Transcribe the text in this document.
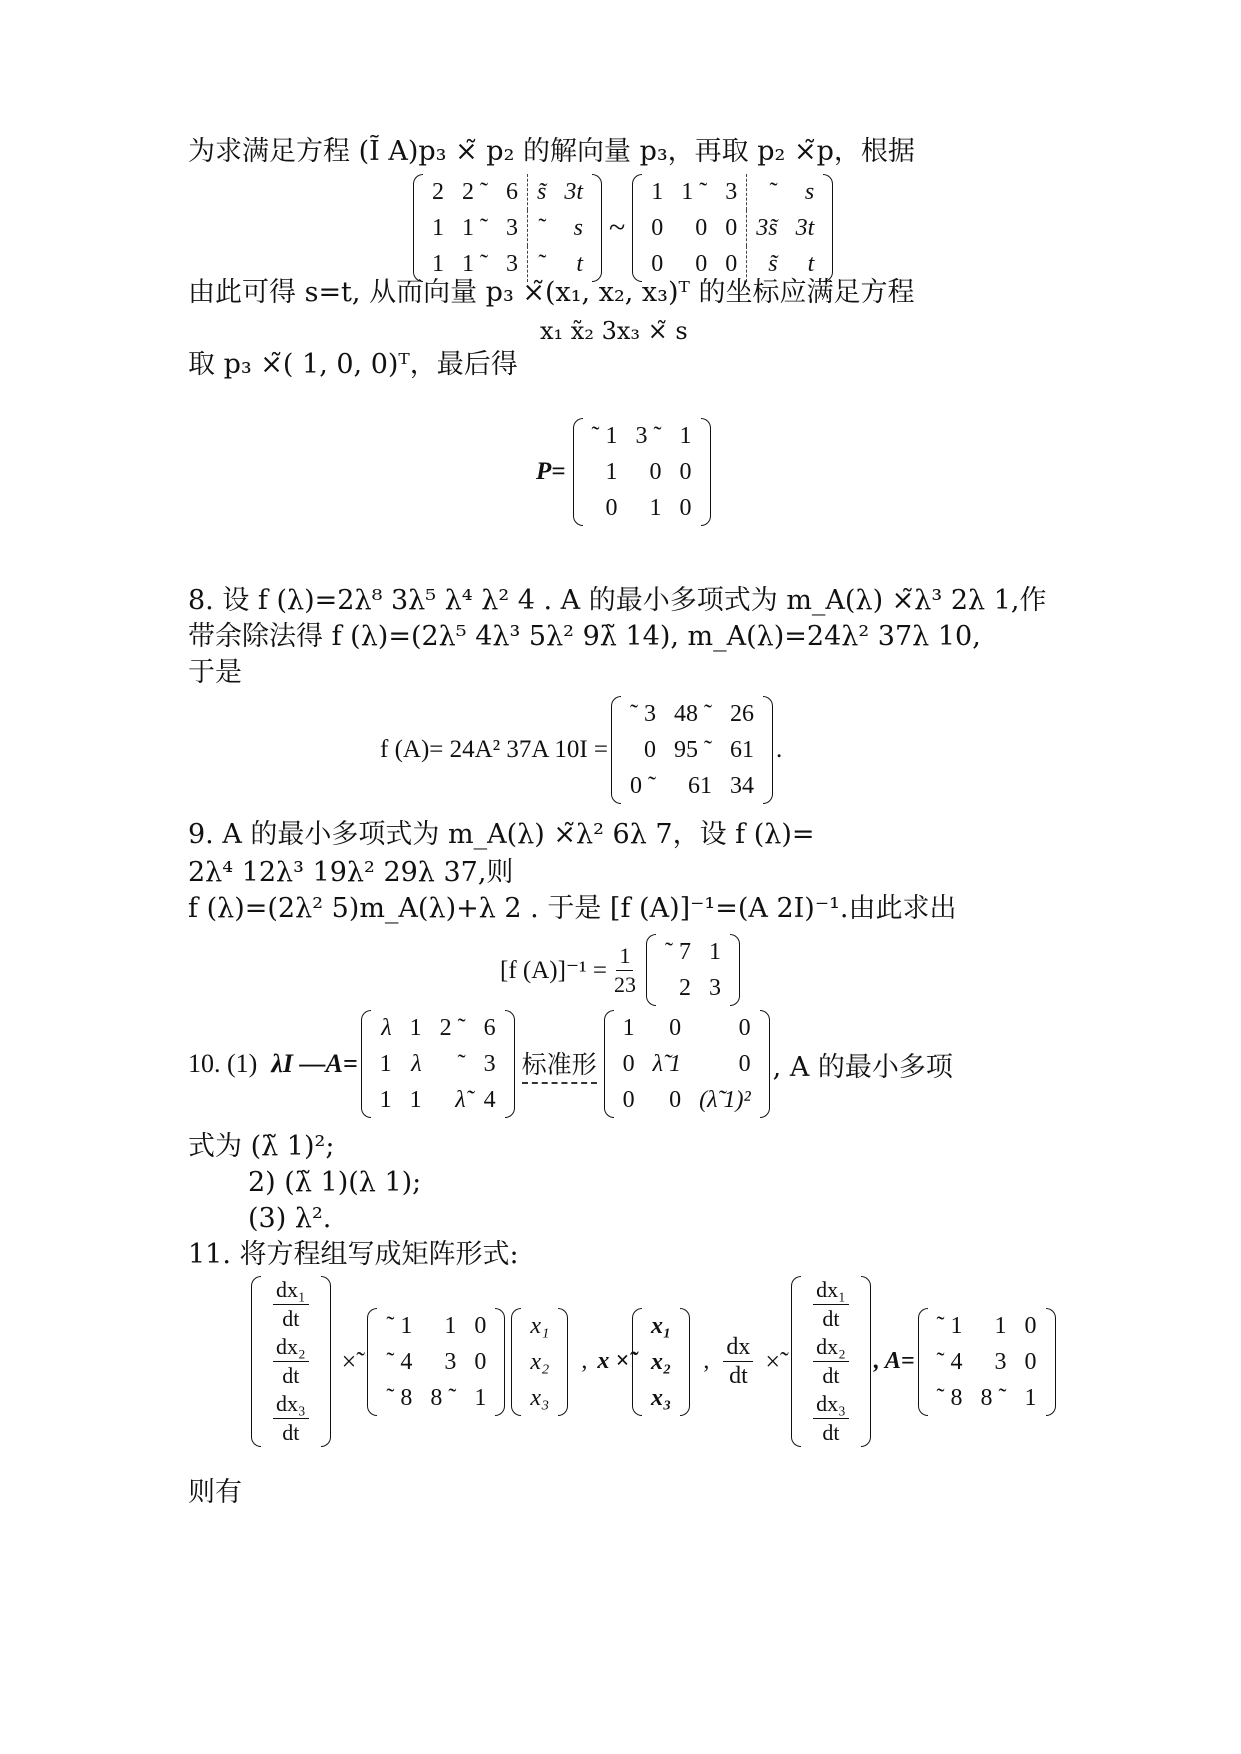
为求满足方程 (Ĩ A)p₃ ×̃ p₂ 的解向量 p₃，再取 p₂ ×̃p，根据
2	2 ˜	6	s̃	3t
1	1 ˜	3	˜	s
1	1 ˜	3	˜	t
~
1	1 ˜	3	˜	s
0	0	0	3s̃	3t
0	0	0	s̃	t
由此可得 s=t, 从而向量 p₃ ×̃(x₁, x₂, x₃)ᵀ 的坐标应满足方程
x₁ x̃₂ 3x₃ ×̃ s
取 p₃ ×̃( 1, 0, 0)ᵀ，最后得
P=
˜ 1	3 ˜	1
1	0	0
0	1	0
8. 设 f (λ)=2λ⁸ 3λ⁵ λ⁴ λ² 4 . A 的最小多项式为 m_A(λ) ×̃λ³ 2λ 1,作
带余除法得 f (λ)=(2λ⁵ 4λ³ 5λ² 9λ̃ 14), m_A(λ)=24λ² 37λ 10,
于是
f (A)= 24A² 37A 10I =
˜ 3	48 ˜	26
0	95 ˜	61
0 ˜	61	34
.
9. A 的最小多项式为 m_A(λ) ×̃λ² 6λ 7，设 f (λ)=
2λ⁴ 12λ³ 19λ² 29λ 37,则
f (λ)=(2λ² 5)m_A(λ)+λ 2 . 于是 [f (A)]⁻¹=(A 2I)⁻¹.由此求出
[f $(A)]^{-1} = \frac{1}{23}$ ˜ 7	1
2	3
10. (1) λI —A=
λ	1	2 ˜	6
1	λ	˜	3
1	1	λ̃	4
标准形
1	0	0
0	λ̃ 1	0
0	0	(λ̃ 1)²
, A 的最小多项
式为 (λ̃ 1)²;
2) (λ̃ 1)(λ 1);
(3) λ².
11. 将方程组写成矩阵形式:
$\frac{\text{dx₁}}{dt}$
$\frac{\text{dx₂}}{dt}$
$\frac{\text{dx₃}}{dt}$
×̃
˜ 1	1	0
˜ 4	3	0
˜ 8	8 ˜	1
x₁
x₂
x₃
, x ×̃
x₁
x₂
x₃
, $\frac{dx}{dt}$ ×̃
$\frac{\text{dx₁}}{dt}$
$\frac{\text{dx₂}}{dt}$
$\frac{\text{dx₃}}{dt}$
, A=
˜ 1	1	0
˜ 4	3	0
˜ 8	8 ˜	1
则有
